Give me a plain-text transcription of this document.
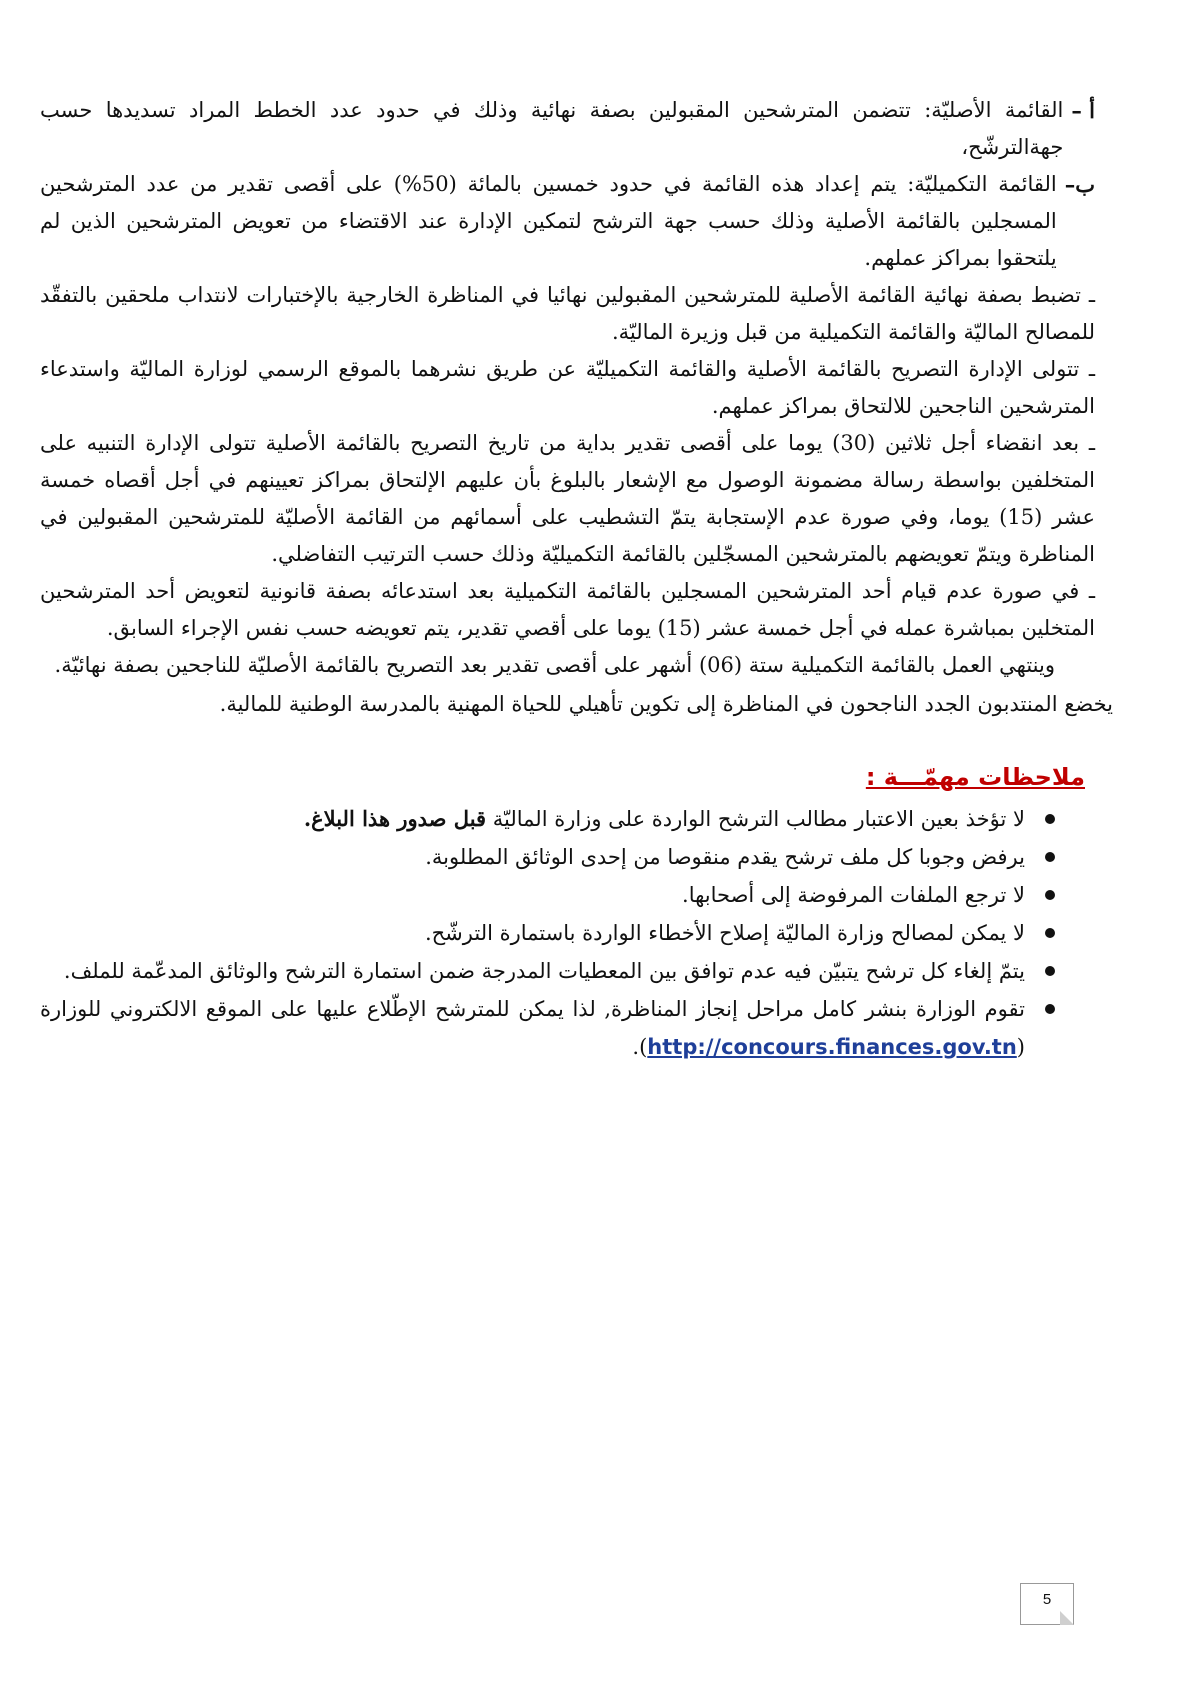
أ –
القائمة الأصليّة: تتضمن المترشحين المقبولين بصفة نهائية وذلك في حدود عدد الخطط المراد تسديدها حسب جهةالترشّح،
ب–
القائمة التكميليّة: يتم إعداد هذه القائمة في حدود خمسين بالمائة (50%) على أقصى تقدير من عدد المترشحين المسجلين بالقائمة الأصلية وذلك حسب جهة الترشح لتمكين الإدارة عند الاقتضاء من تعويض المترشحين الذين لم يلتحقوا بمراكز عملهم.

ـ تضبط بصفة نهائية القائمة الأصلية للمترشحين المقبولين نهائيا في المناظرة الخارجية بالإختبارات لانتداب ملحقين بالتفقّد للمصالح الماليّة والقائمة التكميلية من قبل وزيرة الماليّة.

ـ تتولى الإدارة التصريح بالقائمة الأصلية والقائمة التكميليّة عن طريق نشرهما بالموقع الرسمي لوزارة الماليّة واستدعاء المترشحين الناجحين للالتحاق بمراكز عملهم.

ـ بعد انقضاء أجل ثلاثين (30) يوما على أقصى تقدير بداية من تاريخ التصريح بالقائمة الأصلية تتولى الإدارة التنبيه على المتخلفين بواسطة رسالة مضمونة الوصول مع الإشعار بالبلوغ بأن عليهم الإلتحاق بمراكز تعيينهم في أجل أقصاه خمسة عشر (15) يوما، وفي صورة عدم الإستجابة يتمّ التشطيب على أسمائهم من القائمة الأصليّة للمترشحين المقبولين في المناظرة ويتمّ تعويضهم بالمترشحين المسجّلين بالقائمة التكميليّة وذلك حسب الترتيب التفاضلي.

ـ في صورة عدم قيام أحد المترشحين المسجلين بالقائمة التكميلية بعد استدعائه بصفة قانونية لتعويض أحد المترشحين المتخلين بمباشرة عمله في أجل خمسة عشر (15) يوما على أقصي تقدير، يتم تعويضه حسب نفس الإجراء السابق.

وينتهي العمل بالقائمة التكميلية ستة (06) أشهر على أقصى تقدير بعد التصريح بالقائمة الأصليّة للناجحين بصفة نهائيّة.

يخضع المنتدبون الجدد الناجحون في المناظرة إلى تكوين تأهيلي للحياة المهنية بالمدرسة الوطنية للمالية.

ملاحظات مهمّـــة :
لا تؤخذ بعين الاعتبار مطالب الترشح الواردة على وزارة الماليّة قبل صدور هذا البلاغ.
يرفض وجوبا كل ملف ترشح يقدم منقوصا من إحدى الوثائق المطلوبة.
لا ترجع الملفات المرفوضة إلى أصحابها.
لا يمكن لمصالح وزارة الماليّة إصلاح الأخطاء الواردة باستمارة الترشّح.
يتمّ إلغاء كل ترشح يتبيّن فيه عدم توافق بين المعطيات المدرجة ضمن استمارة الترشح والوثائق المدعّمة للملف.
تقوم الوزارة بنشر كامل مراحل إنجاز المناظرة, لذا يمكن للمترشح الإطّلاع عليها على الموقع الالكتروني للوزارة (http://concours.finances.gov.tn).
5
